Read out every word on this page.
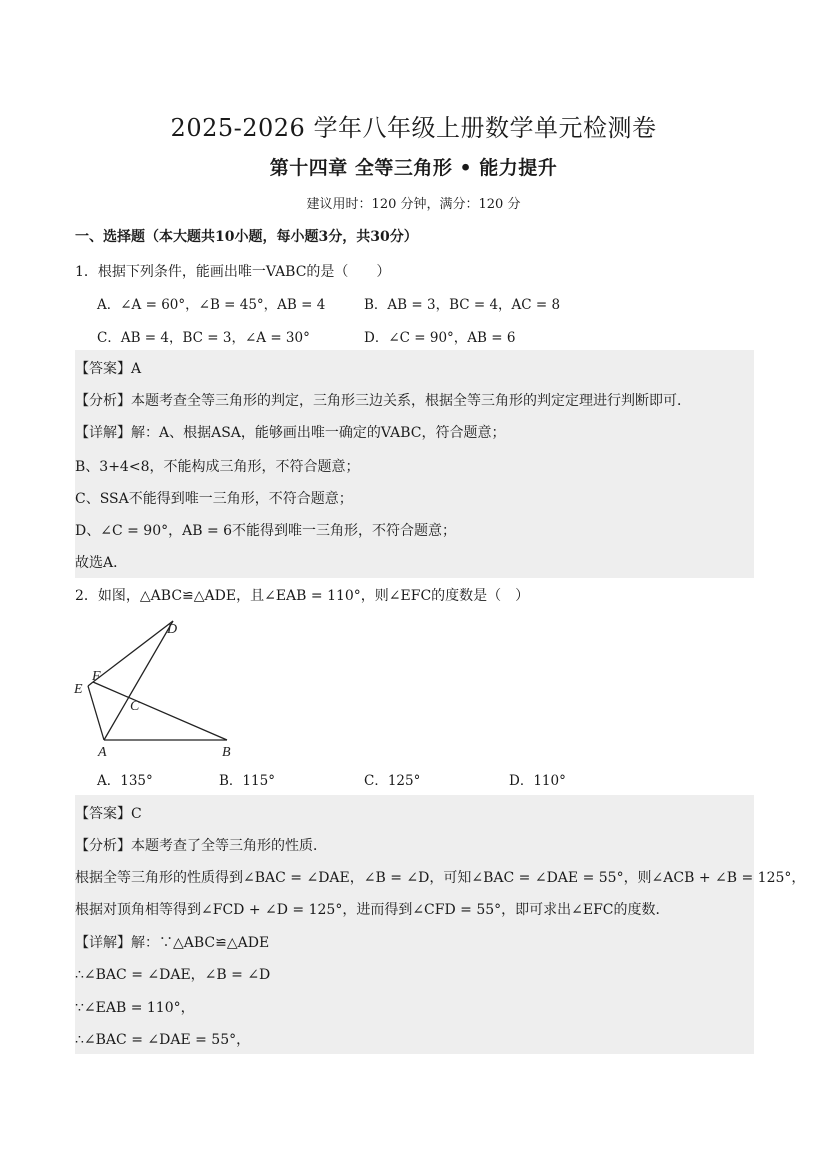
2025-2026 学年八年级上册数学单元检测卷
第十四章 全等三角形 • 能力提升
建议用时：120 分钟，满分：120 分
一、选择题（本大题共10小题，每小题3分，共30分）
1．根据下列条件，能画出唯一VABC的是（　　）
A．∠A = 60°，∠B = 45°，AB = 4	B．AB = 3，BC = 4，AC = 8
C．AB = 4，BC = 3，∠A = 30°	D．∠C = 90°，AB = 6
【答案】A
【分析】本题考查全等三角形的判定，三角形三边关系，根据全等三角形的判定定理进行判断即可．
【详解】解：A、根据ASA，能够画出唯一确定的VABC，符合题意；
B、3+4<8，不能构成三角形，不符合题意；
C、SSA不能得到唯一三角形，不符合题意；
D、∠C = 90°，AB = 6不能得到唯一三角形，不符合题意；
故选A．
2．如图，△ABC≌△ADE，且∠EAB = 110°，则∠EFC的度数是（　）
D
F
E
C
A	B
A．135°	B．115°	C．125°	D．110°
【答案】C
【分析】本题考查了全等三角形的性质．
根据全等三角形的性质得到∠BAC = ∠DAE，∠B = ∠D，可知∠BAC = ∠DAE = 55°，则∠ACB + ∠B = 125°，
根据对顶角相等得到∠FCD + ∠D = 125°，进而得到∠CFD = 55°，即可求出∠EFC的度数．
【详解】解：∵△ABC≌△ADE
∴∠BAC = ∠DAE，∠B = ∠D
∵∠EAB = 110°，
∴∠BAC = ∠DAE = 55°，
